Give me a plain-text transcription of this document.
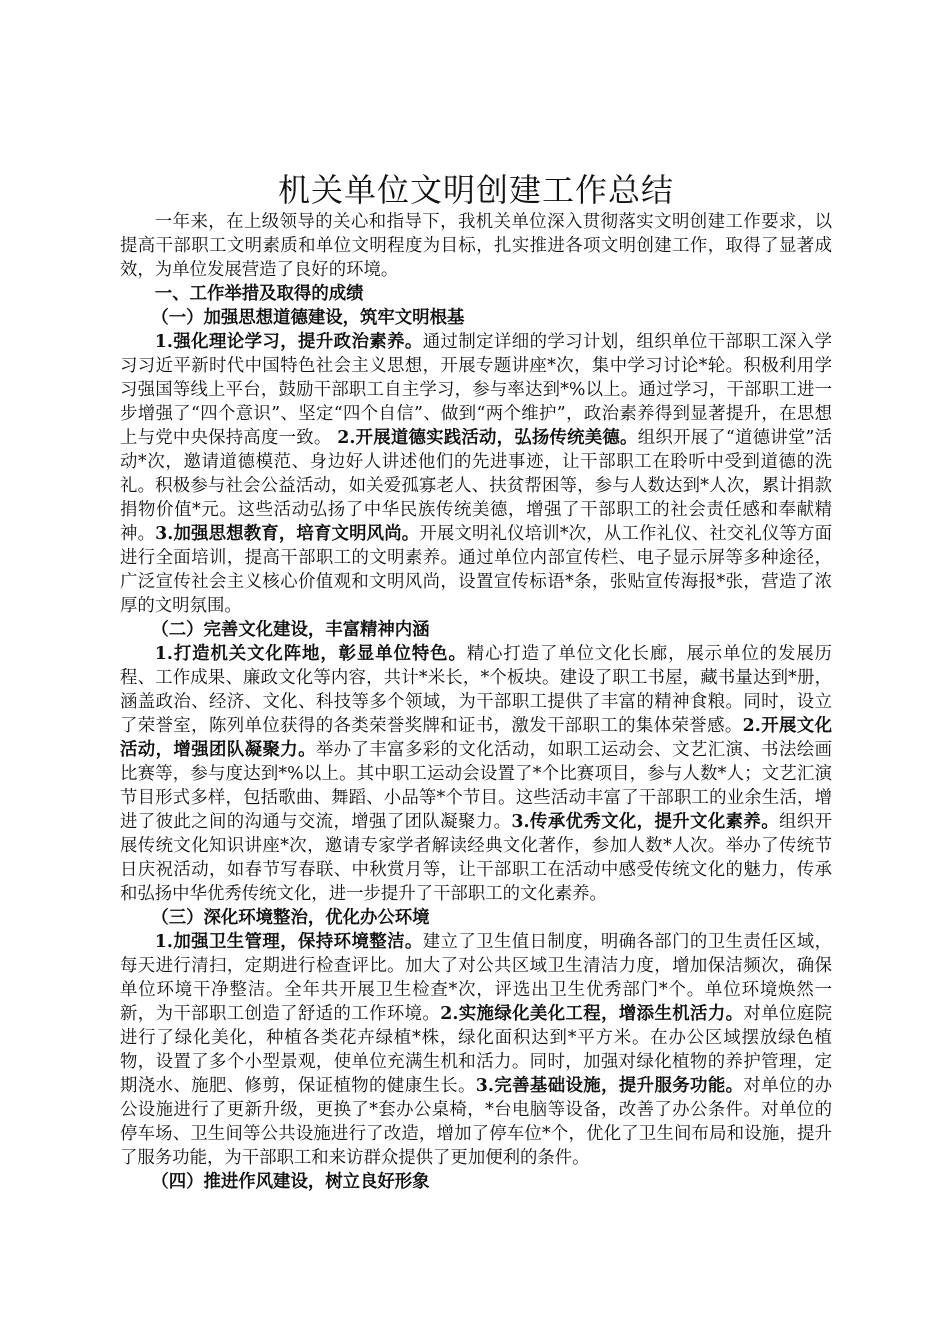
机关单位文明创建工作总结

一年来，在上级领导的关心和指导下，我机关单位深入贯彻落实文明创建工作要求，以提高干部职工文明素质和单位文明程度为目标，扎实推进各项文明创建工作，取得了显著成效，为单位发展营造了良好的环境。

一、工作举措及取得的成绩

（一）加强思想道德建设，筑牢文明根基

1.强化理论学习，提升政治素养。通过制定详细的学习计划，组织单位干部职工深入学习习近平新时代中国特色社会主义思想，开展专题讲座*次，集中学习讨论*轮。积极利用学习强国等线上平台，鼓励干部职工自主学习，参与率达到*%以上。通过学习，干部职工进一步增强了“四个意识”、坚定“四个自信”、做到“两个维护”，政治素养得到显著提升，在思想上与党中央保持高度一致。 2.开展道德实践活动，弘扬传统美德。组织开展了“道德讲堂”活动*次，邀请道德模范、身边好人讲述他们的先进事迹，让干部职工在聆听中受到道德的洗礼。积极参与社会公益活动，如关爱孤寡老人、扶贫帮困等，参与人数达到*人次，累计捐款捐物价值*元。这些活动弘扬了中华民族传统美德，增强了干部职工的社会责任感和奉献精神。3.加强思想教育，培育文明风尚。开展文明礼仪培训*次，从工作礼仪、社交礼仪等方面进行全面培训，提高干部职工的文明素养。通过单位内部宣传栏、电子显示屏等多种途径，广泛宣传社会主义核心价值观和文明风尚，设置宣传标语*条，张贴宣传海报*张，营造了浓厚的文明氛围。

（二）完善文化建设，丰富精神内涵

1.打造机关文化阵地，彰显单位特色。精心打造了单位文化长廊，展示单位的发展历程、工作成果、廉政文化等内容，共计*米长，*个板块。建设了职工书屋，藏书量达到*册，涵盖政治、经济、文化、科技等多个领域，为干部职工提供了丰富的精神食粮。同时，设立了荣誉室，陈列单位获得的各类荣誉奖牌和证书，激发干部职工的集体荣誉感。2.开展文化活动，增强团队凝聚力。举办了丰富多彩的文化活动，如职工运动会、文艺汇演、书法绘画比赛等，参与度达到*%以上。其中职工运动会设置了*个比赛项目，参与人数*人；文艺汇演节目形式多样，包括歌曲、舞蹈、小品等*个节目。这些活动丰富了干部职工的业余生活，增进了彼此之间的沟通与交流，增强了团队凝聚力。3.传承优秀文化，提升文化素养。组织开展传统文化知识讲座*次，邀请专家学者解读经典文化著作，参加人数*人次。举办了传统节日庆祝活动，如春节写春联、中秋赏月等，让干部职工在活动中感受传统文化的魅力，传承和弘扬中华优秀传统文化，进一步提升了干部职工的文化素养。

（三）深化环境整治，优化办公环境

1.加强卫生管理，保持环境整洁。建立了卫生值日制度，明确各部门的卫生责任区域，每天进行清扫，定期进行检查评比。加大了对公共区域卫生清洁力度，增加保洁频次，确保单位环境干净整洁。全年共开展卫生检查*次，评选出卫生优秀部门*个。单位环境焕然一新，为干部职工创造了舒适的工作环境。2.实施绿化美化工程，增添生机活力。对单位庭院进行了绿化美化，种植各类花卉绿植*株，绿化面积达到*平方米。在办公区域摆放绿色植物，设置了多个小型景观，使单位充满生机和活力。同时，加强对绿化植物的养护管理，定期浇水、施肥、修剪，保证植物的健康生长。3.完善基础设施，提升服务功能。对单位的办公设施进行了更新升级，更换了*套办公桌椅，*台电脑等设备，改善了办公条件。对单位的停车场、卫生间等公共设施进行了改造，增加了停车位*个，优化了卫生间布局和设施，提升了服务功能，为干部职工和来访群众提供了更加便利的条件。

（四）推进作风建设，树立良好形象
